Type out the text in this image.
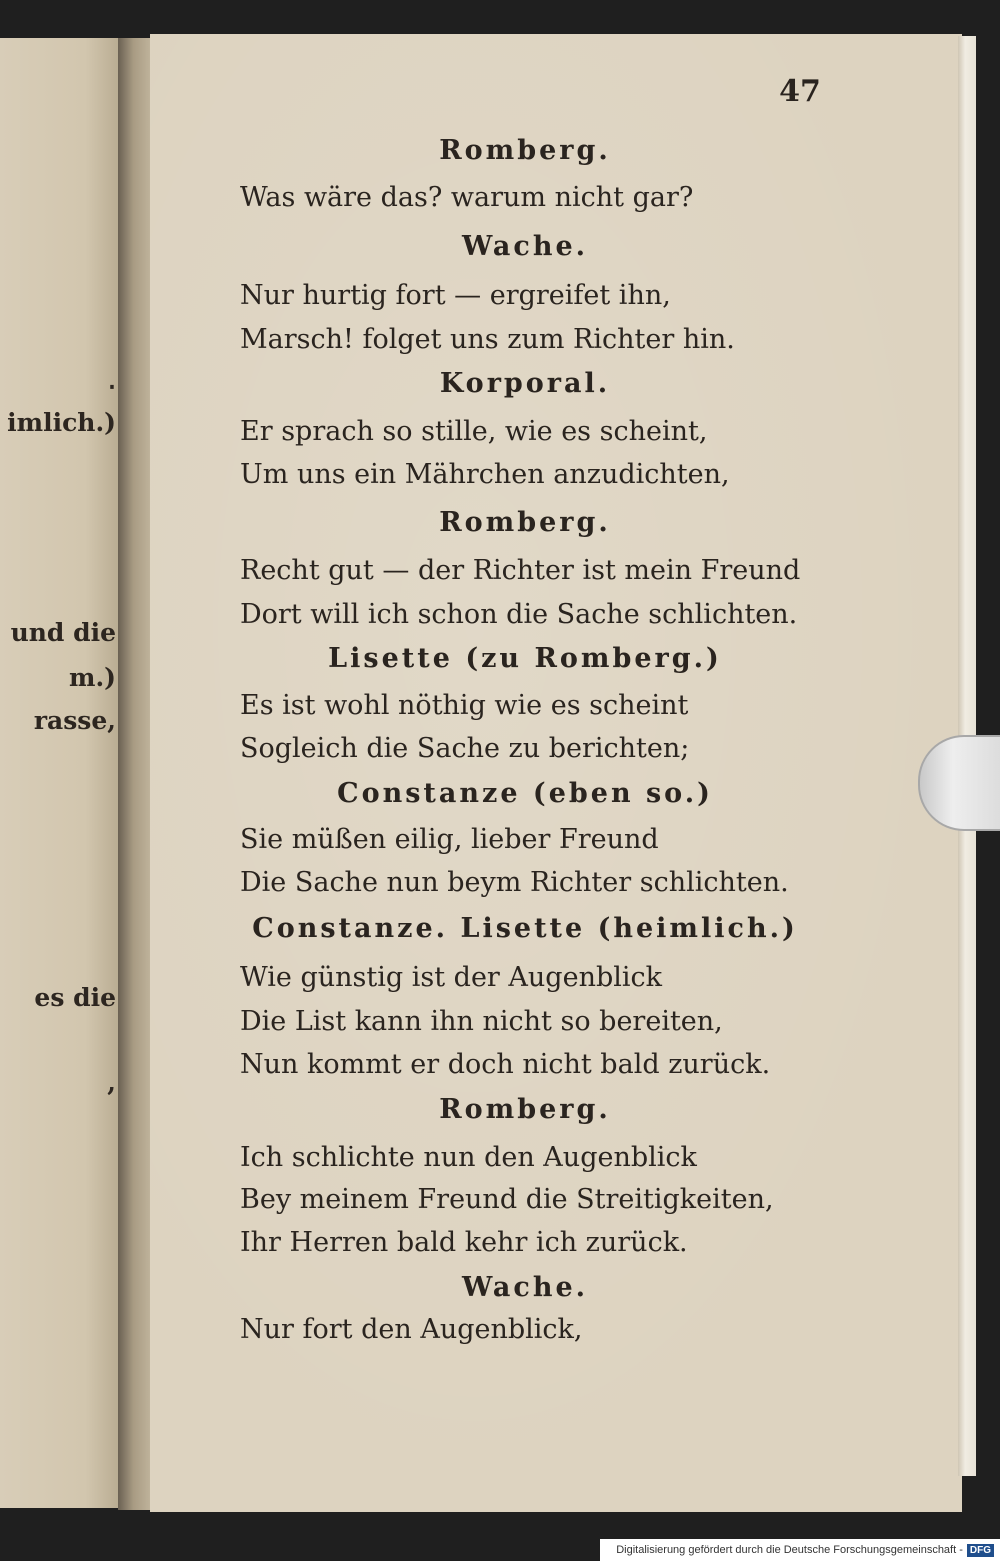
‧
imlich.)
und die
m.)
rasse,
es die
,
47
Romberg.
Was wäre das? warum nicht gar?
Wache.
Nur hurtig fort — ergreifet ihn,
Marsch! folget uns zum Richter hin.
Korporal.
Er sprach so stille, wie es scheint,
Um uns ein Mährchen anzudichten,
Romberg.
Recht gut — der Richter ist mein Freund
Dort will ich schon die Sache schlichten.
Lisette (zu Romberg.)
Es ist wohl nöthig wie es scheint
Sogleich die Sache zu berichten;
Constanze (eben so.)
Sie müßen eilig, lieber Freund
Die Sache nun beym Richter schlichten.
Constanze. Lisette (heimlich.)
Wie günstig ist der Augenblick
Die List kann ihn nicht so bereiten,
Nun kommt er doch nicht bald zurück.
Romberg.
Ich schlichte nun den Augenblick
Bey meinem Freund die Streitigkeiten,
Ihr Herren bald kehr ich zurück.
Wache.
Nur fort den Augenblick,
Digitalisierung gefördert durch die Deutsche Forschungsgemeinschaft - DFG
